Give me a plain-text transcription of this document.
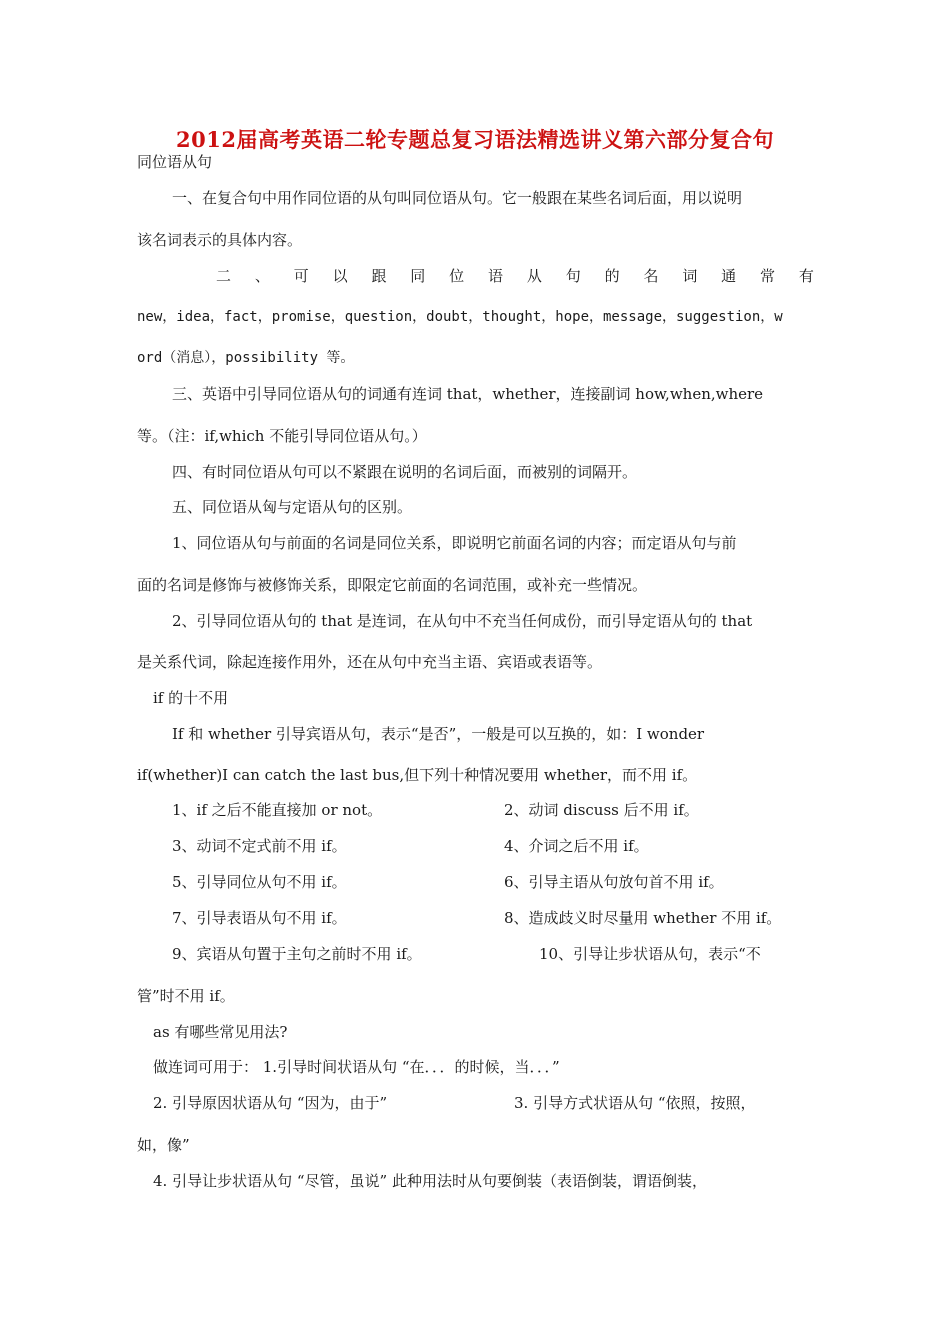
2012届高考英语二轮专题总复习语法精选讲义第六部分复合句
同位语从句
一、在复合句中用作同位语的从句叫同位语从句。它一般跟在某些名词后面，用以说明
该名词表示的具体内容。
二 、 可 以 跟 同 位 语 从 句 的 名 词 通 常 有
new，idea，fact，promise，question，doubt，thought，hope，message，suggestion，w
ord（消息），possibility 等。
三、英语中引导同位语从句的词通有连词 that，whether，连接副词 how,when,where
等。（注：if,which 不能引导同位语从句。）
四、有时同位语从句可以不紧跟在说明的名词后面，而被别的词隔开。
五、同位语从匈与定语从句的区别。
1、同位语从句与前面的名词是同位关系，即说明它前面名词的内容；而定语从句与前
面的名词是修饰与被修饰关系，即限定它前面的名词范围，或补充一些情况。
2、引导同位语从句的 that 是连词，在从句中不充当任何成份，而引导定语从句的 that
是关系代词，除起连接作用外，还在从句中充当主语、宾语或表语等。
if 的十不用
If 和 whether 引导宾语从句，表示“是否”，一般是可以互换的，如：I wonder
if(whether)I can catch the last bus,但下列十种情况要用 whether，而不用 if。
1、if 之后不能直接加 or not。	2、动词 discuss 后不用 if。
3、动词不定式前不用 if。	4、介词之后不用 if。
5、引导同位从句不用 if。	6、引导主语从句放句首不用 if。
7、引导表语从句不用 if。	8、造成歧义时尽量用 whether 不用 if。
9、宾语从句置于主句之前时不用 if。	10、引导让步状语从句，表示“不
管”时不用 if。
as 有哪些常见用法?
做连词可用于： 1.引导时间状语从句 “在．．．的时候，当．．．”
2. 引导原因状语从句 “因为，由于”	3. 引导方式状语从句 “依照，按照，
如，像”
4. 引导让步状语从句 “尽管，虽说” 此种用法时从句要倒装（表语倒装，谓语倒装，
